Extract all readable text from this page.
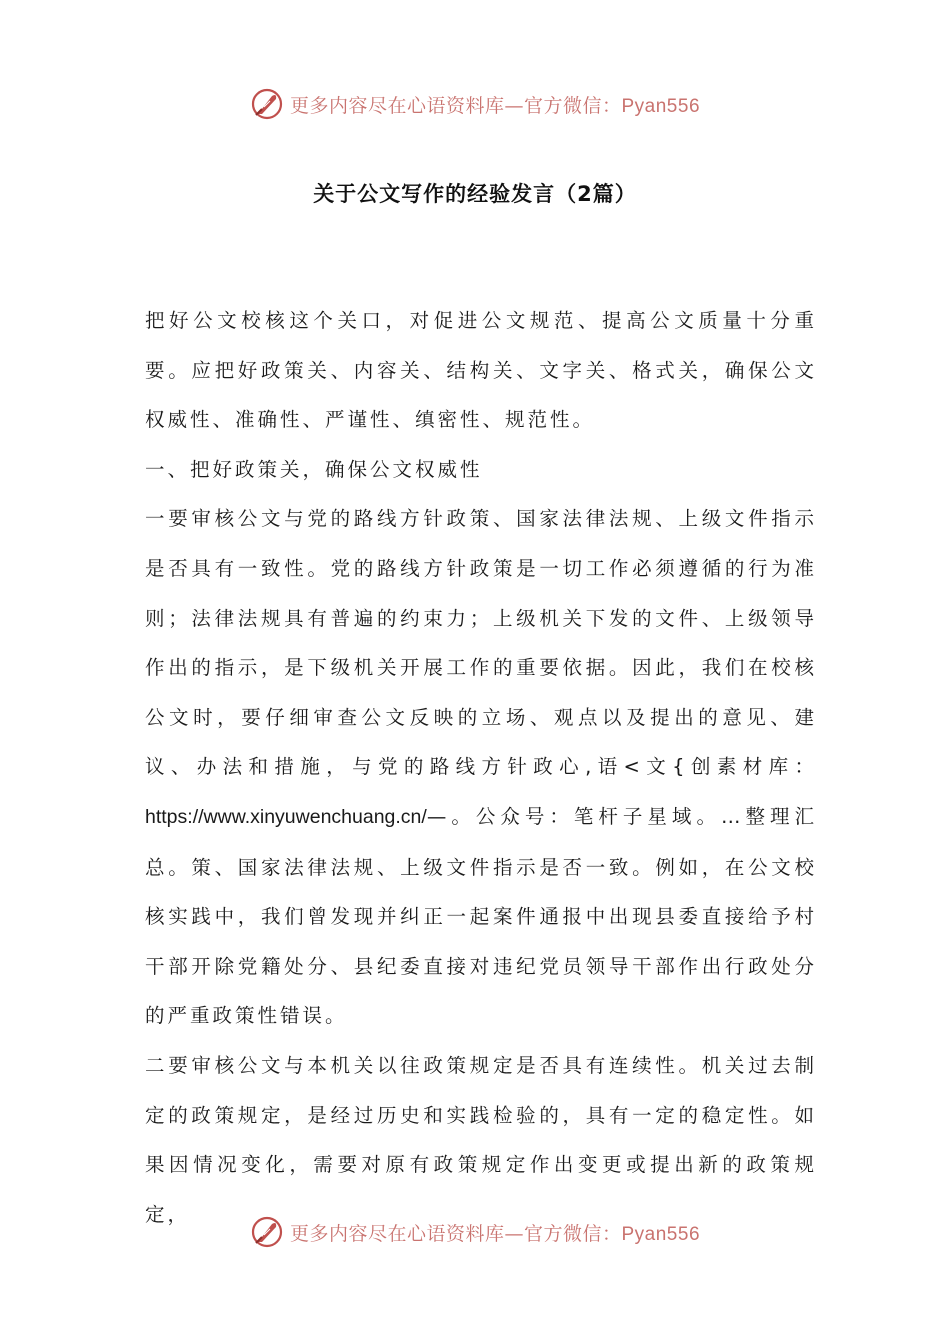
更多内容尽在心语资料库—官方微信：Pyan556
关于公文写作的经验发言（2篇）

把好公文校核这个关口，对促进公文规范、提高公文质量十分重要。应把好政策关、内容关、结构关、文字关、格式关，确保公文权威性、准确性、严谨性、缜密性、规范性。

一、把好政策关，确保公文权威性

一要审核公文与党的路线方针政策、国家法律法规、上级文件指示是否具有一致性。党的路线方针政策是一切工作必须遵循的行为准则；法律法规具有普遍的约束力；上级机关下发的文件、上级领导作出的指示，是下级机关开展工作的重要依据。因此，我们在校核公文时，要仔细审查公文反映的立场、观点以及提出的意见、建议、办法和措施，与党的路线方针政心,语<文{创素材库：https://www.xinyuwenchuang.cn/—。公众号：笔杆子星域。…整理汇总。策、国家法律法规、上级文件指示是否一致。例如，在公文校核实践中，我们曾发现并纠正一起案件通报中出现县委直接给予村干部开除党籍处分、县纪委直接对违纪党员领导干部作出行政处分的严重政策性错误。

二要审核公文与本机关以往政策规定是否具有连续性。机关过去制定的政策规定，是经过历史和实践检验的，具有一定的稳定性。如果因情况变化，需要对原有政策规定作出变更或提出新的政策规定，

更多内容尽在心语资料库—官方微信：Pyan556
